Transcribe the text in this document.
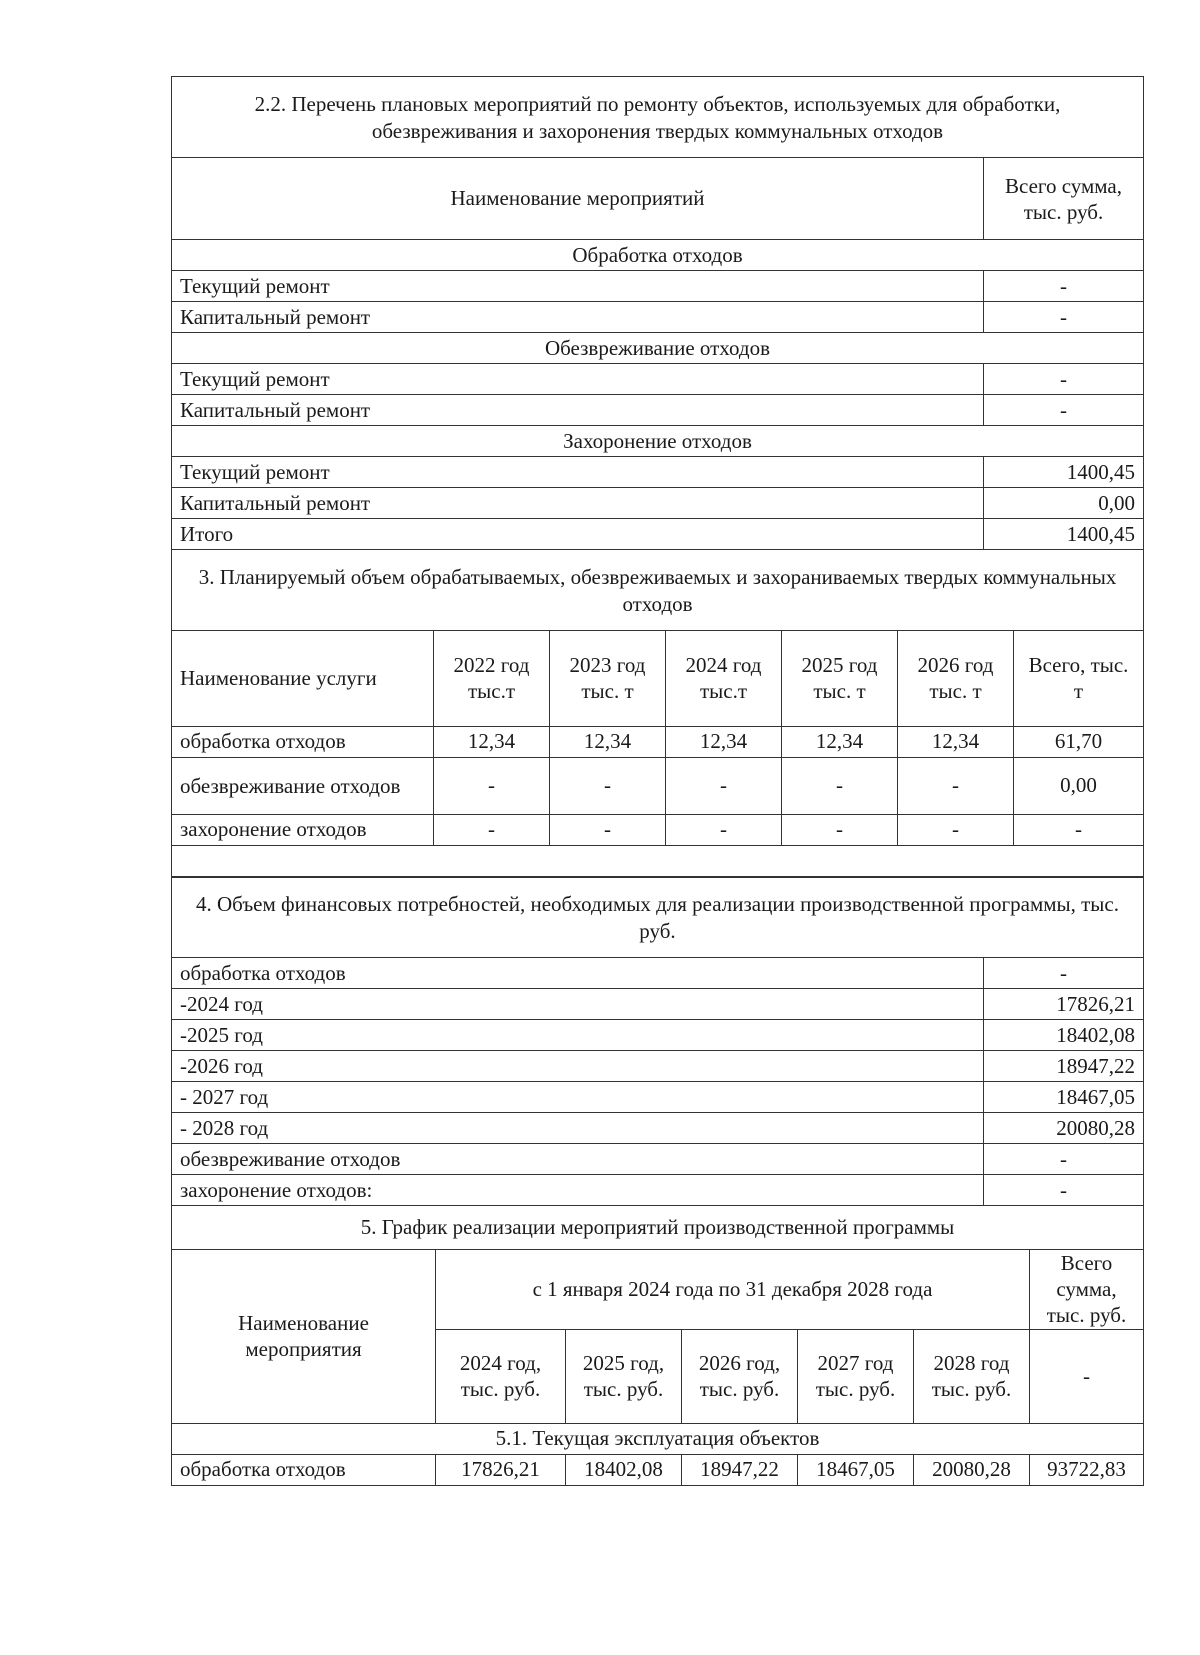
2.2. Перечень плановых мероприятий по ремонту объектов, используемых для обработки, обезвреживания и захоронения твердых коммунальных отходов	
Наименование мероприятий	Всего сумма, тыс. руб.
Обработка отходов	
Текущий ремонт	-
Капитальный ремонт	-
Обезвреживание отходов	
Текущий ремонт	-
Капитальный ремонт	-
Захоронение отходов	
Текущий ремонт	1400,45
Капитальный ремонт	0,00
Итого	1400,45
3. Планируемый объем обрабатываемых, обезвреживаемых и захораниваемых твердых коммунальных отходов						
Наименование услуги	2022 год тыс.т	2023 год тыс. т	2024 год тыс.т	2025 год тыс. т	2026 год тыс. т	Всего, тыс. т
обработка отходов	12,34	12,34	12,34	12,34	12,34	61,70
обезвреживание отходов	-	-	-	-	-	0,00
захоронение отходов	-	-	-	-	-	-

4. Объем финансовых потребностей, необходимых для реализации производственной программы, тыс. руб.	
обработка отходов	-
-2024 год	17826,21
-2025 год	18402,08
-2026 год	18947,22
- 2027 год	18467,05
- 2028 год	20080,28
обезвреживание отходов	-
захоронение отходов:	-
5. График реализации мероприятий производственной программы						
Наименование мероприятия	с 1 января 2024 года по 31 декабря 2028 года					Всего сумма, тыс. руб.
	2024 год, тыс. руб.	2025 год, тыс. руб.	2026 год, тыс. руб.	2027 год тыс. руб.	2028 год тыс. руб.	-
5.1. Текущая эксплуатация объектов						
обработка отходов	17826,21	18402,08	18947,22	18467,05	20080,28	93722,83
